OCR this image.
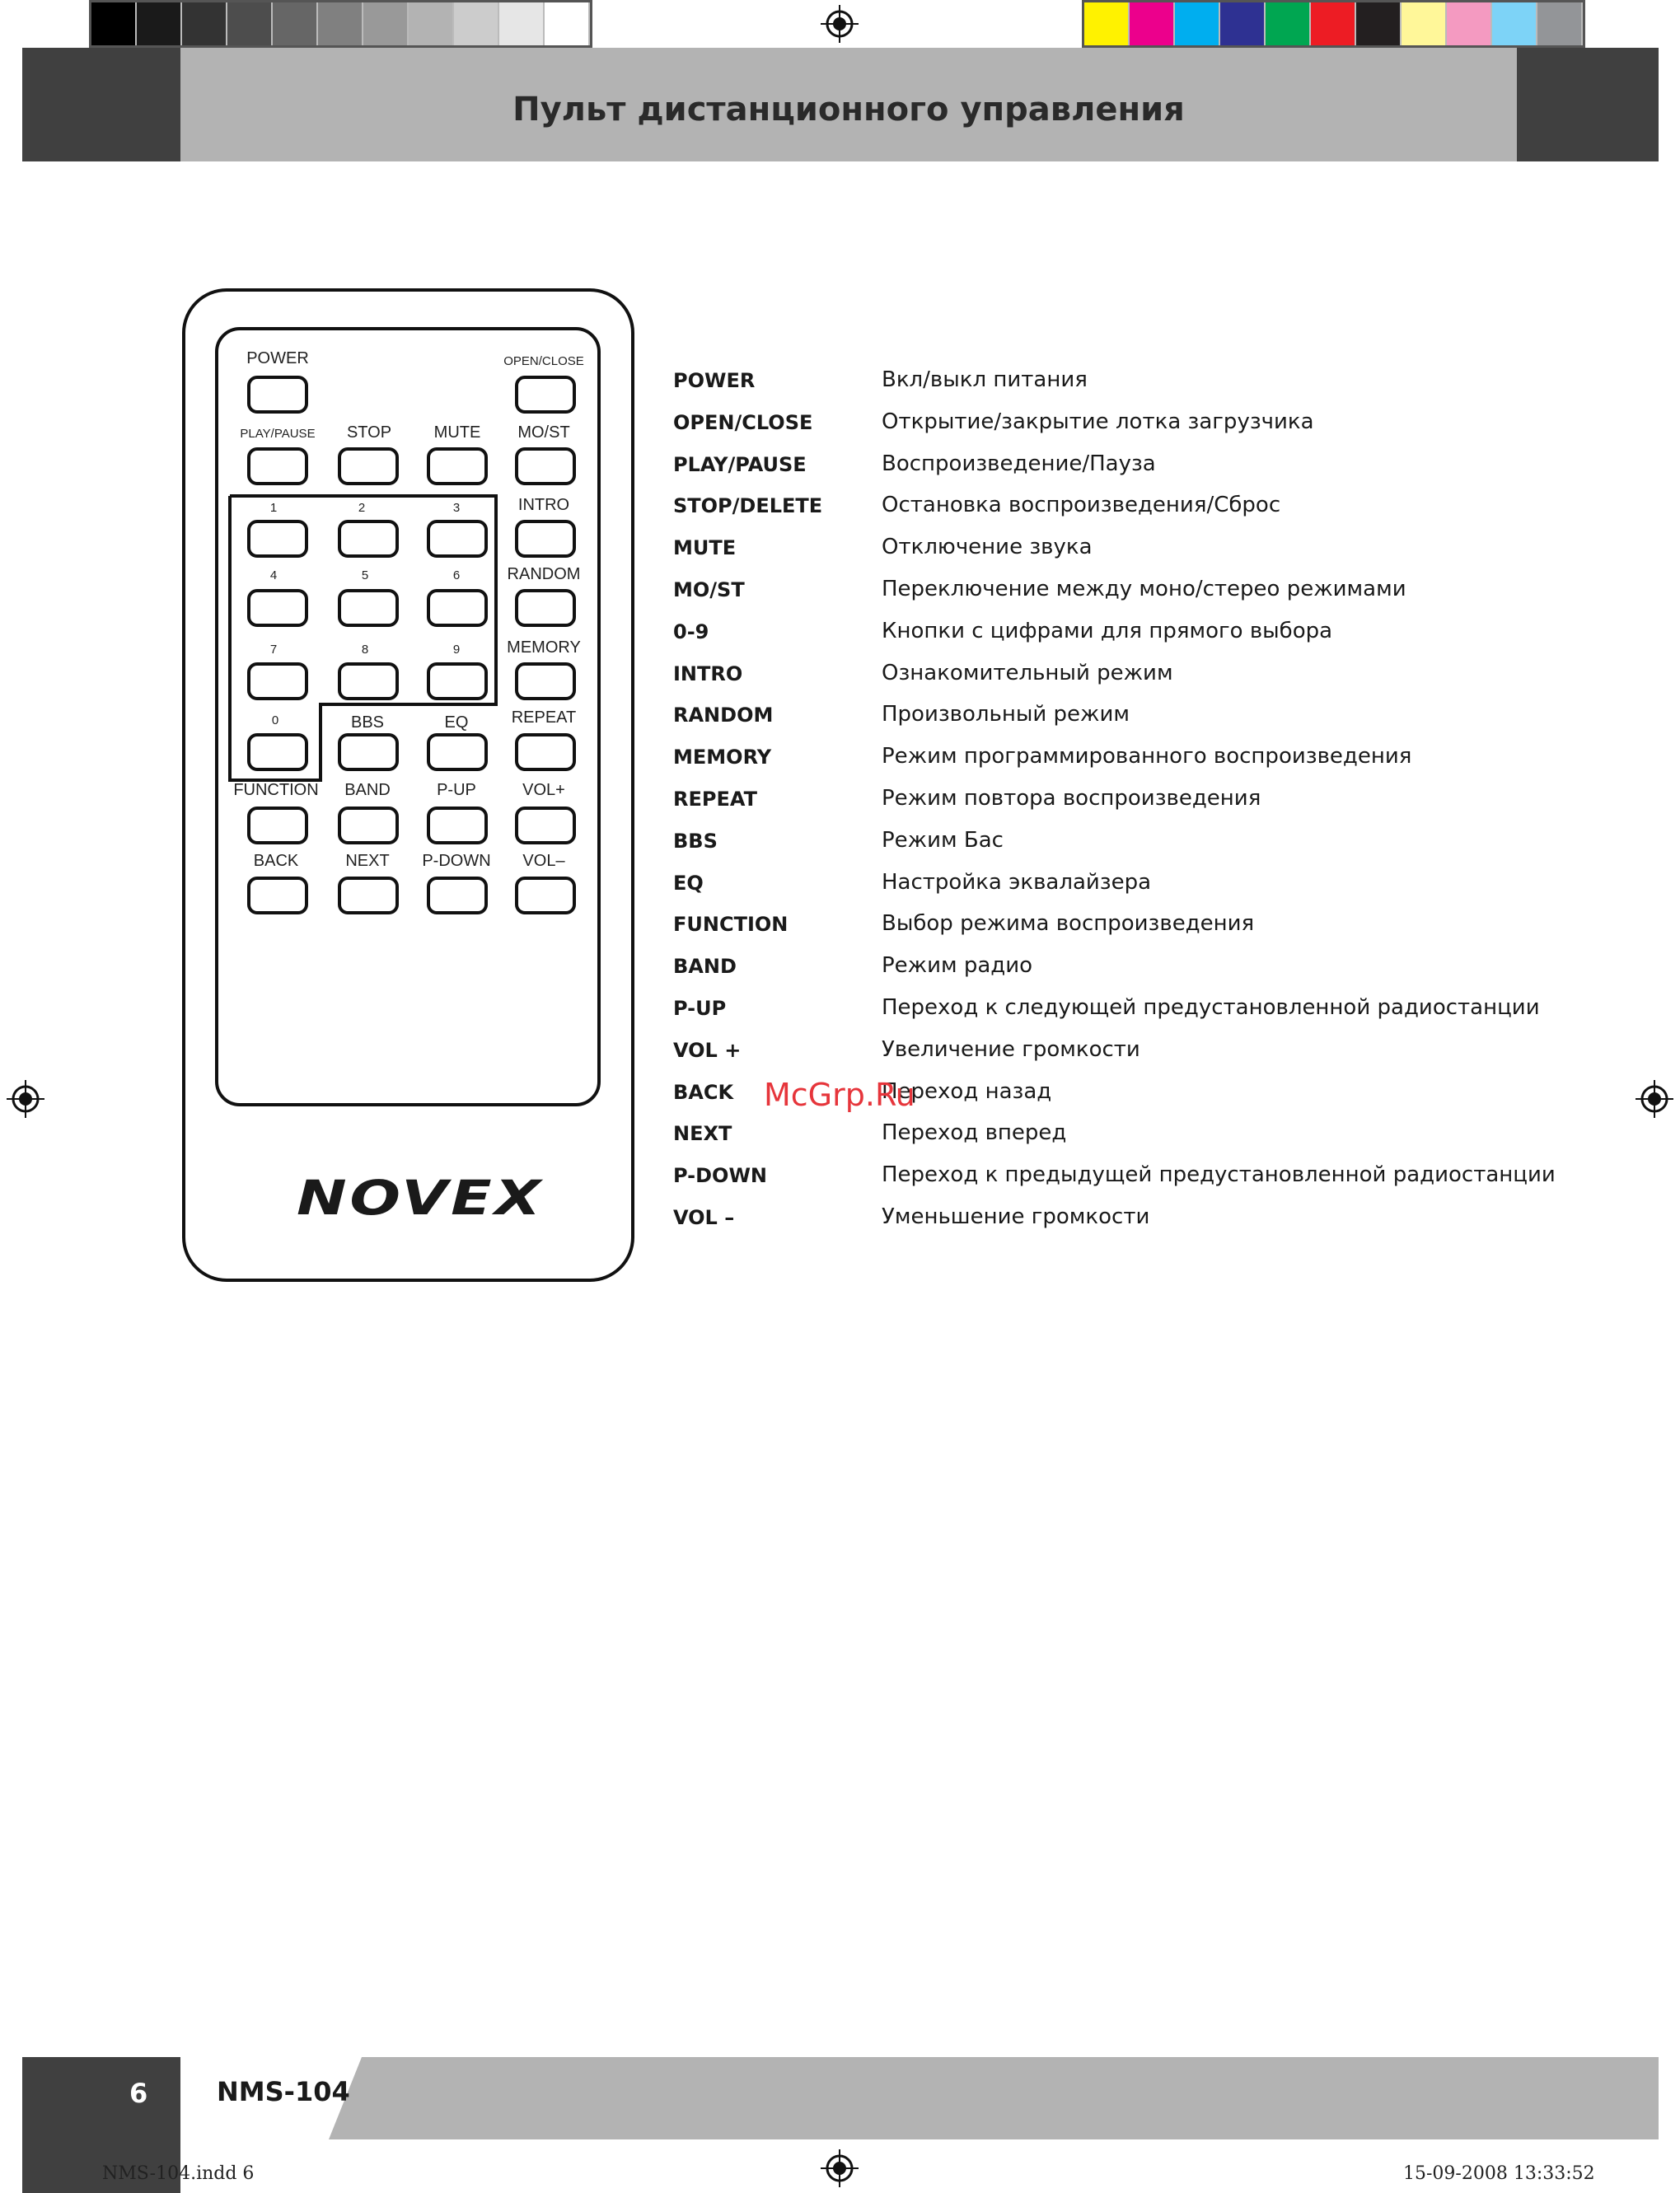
Пульт дистанционного управления
POWER	OPEN/CLOSE
PLAY/PAUSE	STOP	MUTE	MO/ST
1	2	3	INTRO
4	5	6	RANDOM
7	8	9	MEMORY
0	BBS	EQ	REPEAT
FUNCTION	BAND	P-UP	VOL+
BACK	NEXT	P-DOWN	VOL–
NOVEX
POWER	Вкл/выкл питания
OPEN/CLOSE	Открытие/закрытие лотка загрузчика
PLAY/PAUSE	Воспроизведение/Пауза
STOP/DELETE	Остановка воспроизведения/Сброс
MUTE	Отключение звука
MO/ST	Переключение между моно/стерео режимами
0-9	Кнопки с цифрами для прямого выбора
INTRO	Ознакомительный режим
RANDOM	Произвольный режим
MEMORY	Режим программированного воспроизведения
REPEAT	Режим повтора воспроизведения
BBS	Режим Бас
EQ	Настройка эквалайзера
FUNCTION	Выбор режима воспроизведения
BAND	Режим радио
P-UP	Переход к следующей предустановленной радиостанции
VOL +	Увеличение громкости
BACK	Переход назад
NEXT	Переход вперед
P-DOWN	Переход к предыдущей предустановленной радиостанции
VOL –	Уменьшение громкости
McGrp.Ru
6	NMS-104
NMS-104.indd 6	15-09-2008 13:33:52
